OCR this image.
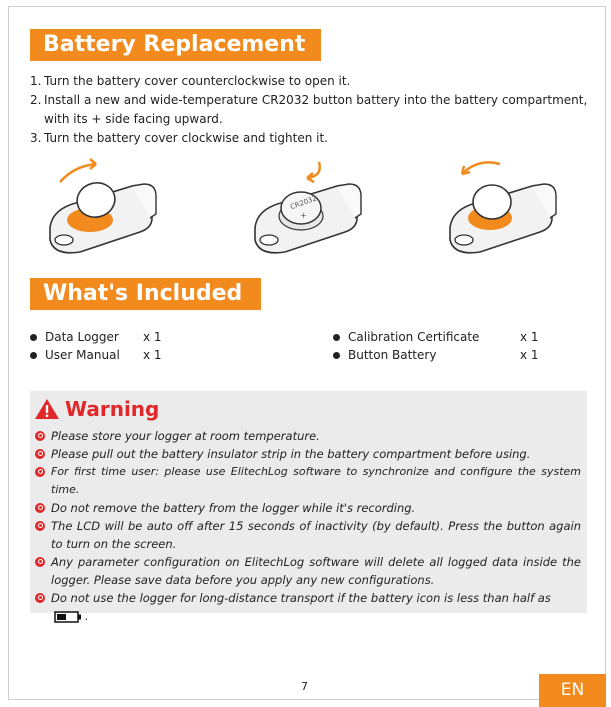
Battery Replacement
1. Turn the battery cover counterclockwise to open it.
2. Install a new and wide-temperature CR2032 button battery into the battery compartment, with its + side facing upward.
3. Turn the battery cover clockwise and tighten it.
CR2032
+
What's Included
Data Logger	x 1
User Manual	x 1
Calibration Certificate	x 1
Button Battery	x 1
Warning
Please store your logger at room temperature.
Please pull out the battery insulator strip in the battery compartment before using.
For first time user: please use ElitechLog software to synchronize and configure the system time.
Do not remove the battery from the logger while it's recording.
The LCD will be auto off after 15 seconds of inactivity (by default). Press the button again to turn on the screen.
Any parameter configuration on ElitechLog software will delete all logged data inside the logger. Please save data before you apply any new configurations.
Do not use the logger for long-distance transport if the battery icon is less than half as .
7	EN
